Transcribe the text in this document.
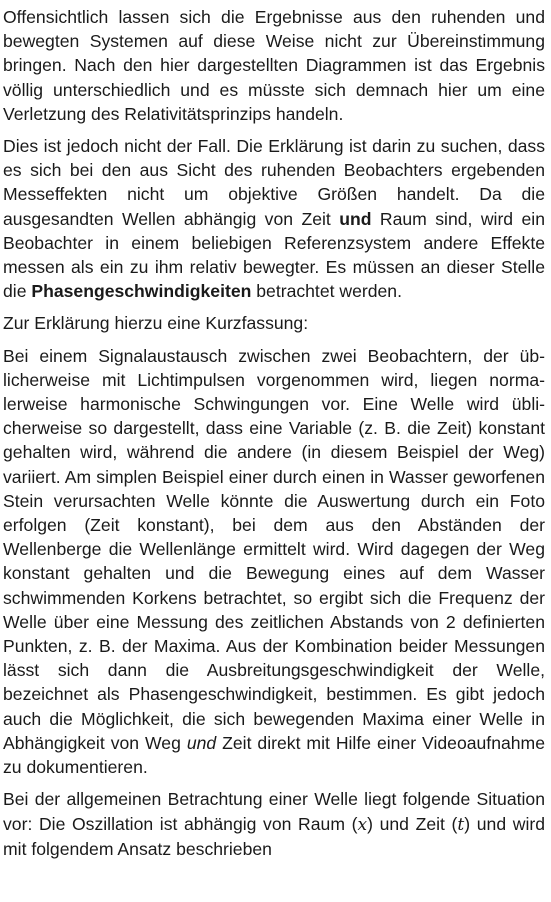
Offensichtlich lassen sich die Ergebnisse aus den ruhenden und bewegten Systemen auf diese Weise nicht zur Übereinstimmung bringen. Nach den hier dargestellten Diagrammen ist das Ergebnis völlig unterschiedlich und es müsste sich demnach hier um eine Verletzung des Relativitätsprinzips handeln.

Dies ist jedoch nicht der Fall. Die Erklärung ist darin zu suchen, dass es sich bei den aus Sicht des ruhenden Beobachters ergebenden Messeffekten nicht um objektive Größen handelt. Da die ausgesandten Wellen abhängig von Zeit und Raum sind, wird ein Beobachter in einem beliebigen Referenzsystem andere Effekte messen als ein zu ihm relativ bewegter. Es müssen an dieser Stelle die Phasengeschwindigkeiten betrachtet werden.

Zur Erklärung hierzu eine Kurzfassung:

Bei einem Signalaustausch zwischen zwei Beobachtern, der üblicherweise mit Lichtimpulsen vorgenommen wird, liegen normalerweise harmonische Schwingungen vor. Eine Welle wird üblicherweise so dargestellt, dass eine Variable (z. B. die Zeit) konstant gehalten wird, während die andere (in diesem Beispiel der Weg) variiert. Am simplen Beispiel einer durch einen in Wasser geworfenen Stein verursachten Welle könnte die Auswertung durch ein Foto erfolgen (Zeit konstant), bei dem aus den Abständen der Wellenberge die Wellenlänge ermittelt wird. Wird dagegen der Weg konstant gehalten und die Bewegung eines auf dem Wasser schwimmenden Korkens betrachtet, so ergibt sich die Frequenz der Welle über eine Messung des zeitlichen Abstands von 2 definierten Punkten, z. B. der Maxima. Aus der Kombination beider Messungen lässt sich dann die Ausbreitungsgeschwindigkeit der Welle, bezeichnet als Phasengeschwindigkeit, bestimmen. Es gibt jedoch auch die Möglichkeit, die sich bewegenden Maxima einer Welle in Abhängigkeit von Weg und Zeit direkt mit Hilfe einer Videoaufnahme zu dokumentieren.

Bei der allgemeinen Betrachtung einer Welle liegt folgende Situation vor: Die Oszillation ist abhängig von Raum (x) und Zeit (t) und wird mit folgendem Ansatz beschrieben
